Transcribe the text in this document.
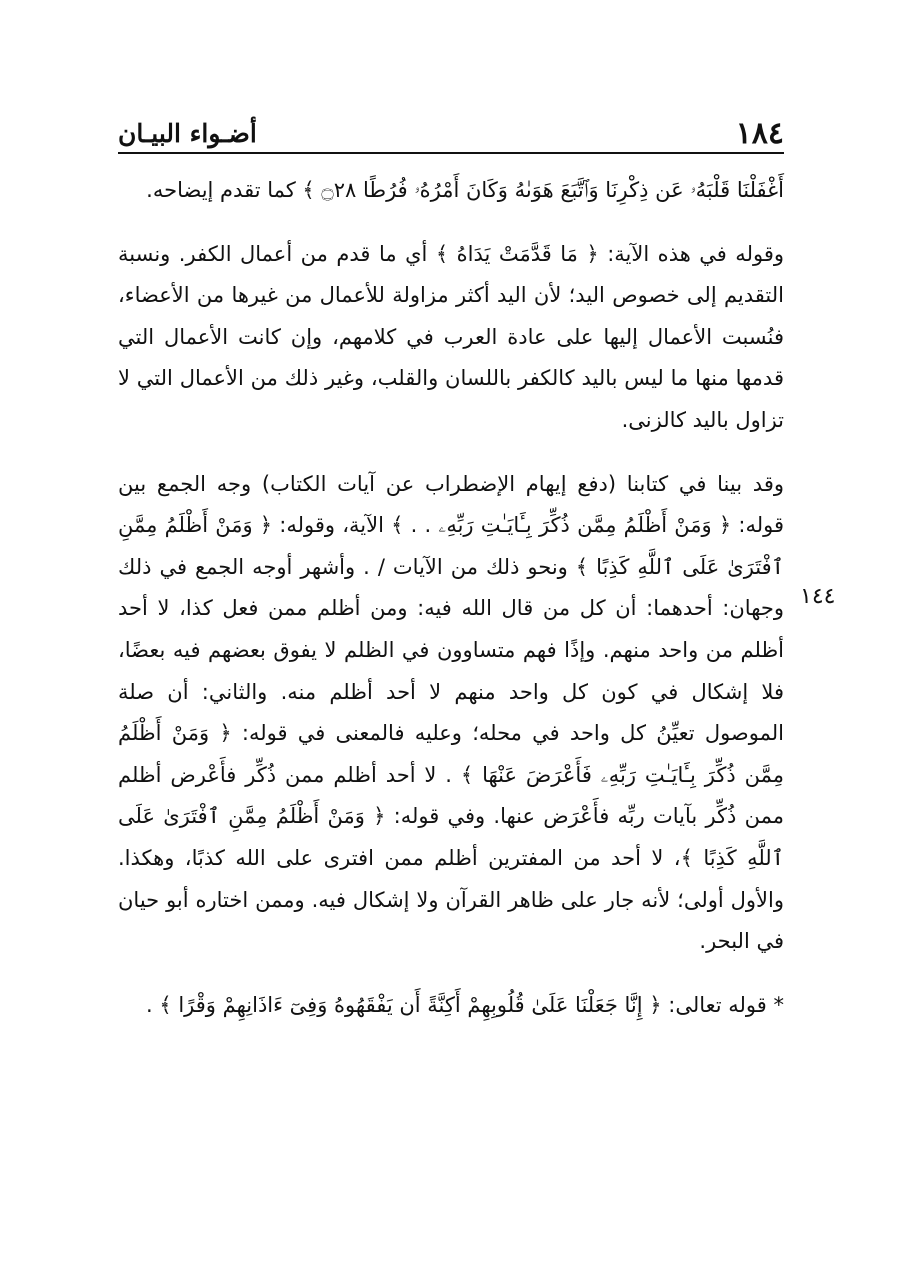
١٨٤
أضـواء البيـان
١٤٤

أَغْفَلْنَا قَلْبَهُۥ عَن ذِكْرِنَا وَٱتَّبَعَ هَوَىٰهُ وَكَانَ أَمْرُهُۥ فُرُطًا ۝٢٨ ﴾ كما تقدم إيضاحه.

وقوله في هذه الآية: ﴿ مَا قَدَّمَتْ يَدَاهُ ﴾ أي ما قدم من أعمال الكفر. ونسبة التقديم إلى خصوص اليد؛ لأن اليد أكثر مزاولة للأعمال من غيرها من الأعضاء، فنُسبت الأعمال إليها على عادة العرب في كلامهم، وإن كانت الأعمال التي قدمها منها ما ليس باليد كالكفر باللسان والقلب، وغير ذلك من الأعمال التي لا تزاول باليد كالزنى.

وقد بينا في كتابنا (دفع إيهام الإضطراب عن آيات الكتاب) وجه الجمع بين قوله: ﴿ وَمَنْ أَظْلَمُ مِمَّن ذُكِّرَ بِـَٔايَـٰتِ رَبِّهِۦ . . ﴾ الآية، وقوله: ﴿ وَمَنْ أَظْلَمُ مِمَّنِ ٱفْتَرَىٰ عَلَى ٱللَّهِ كَذِبًا ﴾ ونحو ذلك من الآيات / . وأشهر أوجه الجمع في ذلك وجهان: أحدهما: أن كل من قال الله فيه: ومن أظلم ممن فعل كذا، لا أحد أظلم من واحد منهم. وإذًا فهم متساوون في الظلم لا يفوق بعضهم فيه بعضًا، فلا إشكال في كون كل واحد منهم لا أحد أظلم منه. والثاني: أن صلة الموصول تعيِّنُ كل واحد في محله؛ وعليه فالمعنى في قوله: ﴿ وَمَنْ أَظْلَمُ مِمَّن ذُكِّرَ بِـَٔايَـٰتِ رَبِّهِۦ فَأَعْرَضَ عَنْهَا ﴾ . لا أحد أظلم ممن ذُكِّر فأَعْرض أظلم ممن ذُكِّر بآيات ربِّه فأَعْرَض عنها. وفي قوله: ﴿ وَمَنْ أَظْلَمُ مِمَّنِ ٱفْتَرَىٰ عَلَى ٱللَّهِ كَذِبًا ﴾، لا أحد من المفترين أظلم ممن افترى على الله كذبًا، وهكذا. والأول أولى؛ لأنه جار على ظاهر القرآن ولا إشكال فيه. وممن اختاره أبو حيان في البحر.

* قوله تعالى: ﴿ إِنَّا جَعَلْنَا عَلَىٰ قُلُوبِهِمْ أَكِنَّةً أَن يَفْقَهُوهُ وَفِىٓ ءَاذَانِهِمْ وَقْرًا ﴾ .
